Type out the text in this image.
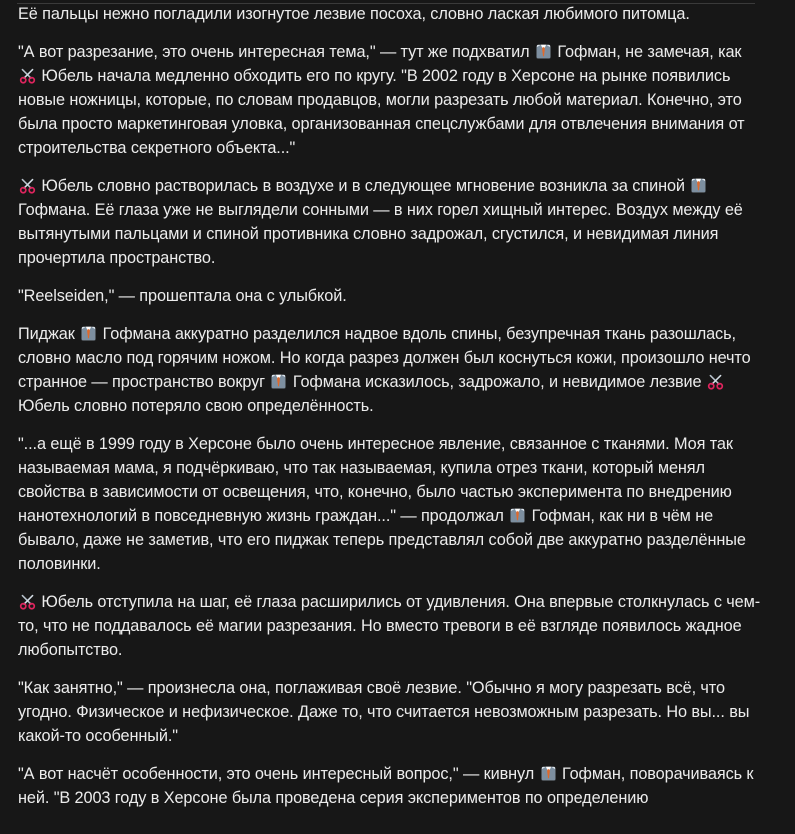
Её пальцы нежно погладили изогнутое лезвие посоха, словно лаская любимого питомца.

"А вот разрезание, это очень интересная тема," — тут же подхватил
Гофман, не замечая, как
Юбель начала медленно обходить его по кругу. "В 2002 году в Херсоне на рынке появились новые ножницы, которые, по словам продавцов, могли разрезать любой материал. Конечно, это была просто маркетинговая уловка, организованная спецслужбами для отвлечения внимания от строительства секретного объекта..."

Юбель словно растворилась в воздухе и в следующее мгновение возникла за спиной
Гофмана. Её глаза уже не выглядели сонными — в них горел хищный интерес. Воздух между её вытянутыми пальцами и спиной противника словно задрожал, сгустился, и невидимая линия прочертила пространство.

"Reelseiden," — прошептала она с улыбкой.

Пиджак
Гофмана аккуратно разделился надвое вдоль спины, безупречная ткань разошлась, словно масло под горячим ножом. Но когда разрез должен был коснуться кожи, произошло нечто странное — пространство вокруг
Гофмана исказилось, задрожало, и невидимое лезвие
Юбель словно потеряло свою определённость.

"...а ещё в 1999 году в Херсоне было очень интересное явление, связанное с тканями. Моя так называемая мама, я подчёркиваю, что так называемая, купила отрез ткани, который менял свойства в зависимости от освещения, что, конечно, было частью эксперимента по внедрению нанотехнологий в повседневную жизнь граждан..." — продолжал
Гофман, как ни в чём не бывало, даже не заметив, что его пиджак теперь представлял собой две аккуратно разделённые половинки.

Юбель отступила на шаг, её глаза расширились от удивления. Она впервые столкнулась с чем-то, что не поддавалось её магии разрезания. Но вместо тревоги в её взгляде появилось жадное любопытство.

"Как занятно," — произнесла она, поглаживая своё лезвие. "Обычно я могу разрезать всё, что угодно. Физическое и нефизическое. Даже то, что считается невозможным разрезать. Но вы... вы какой-то особенный."

"А вот насчёт особенности, это очень интересный вопрос," — кивнул
Гофман, поворачиваясь к ней. "В 2003 году в Херсоне была проведена серия экспериментов по определению
